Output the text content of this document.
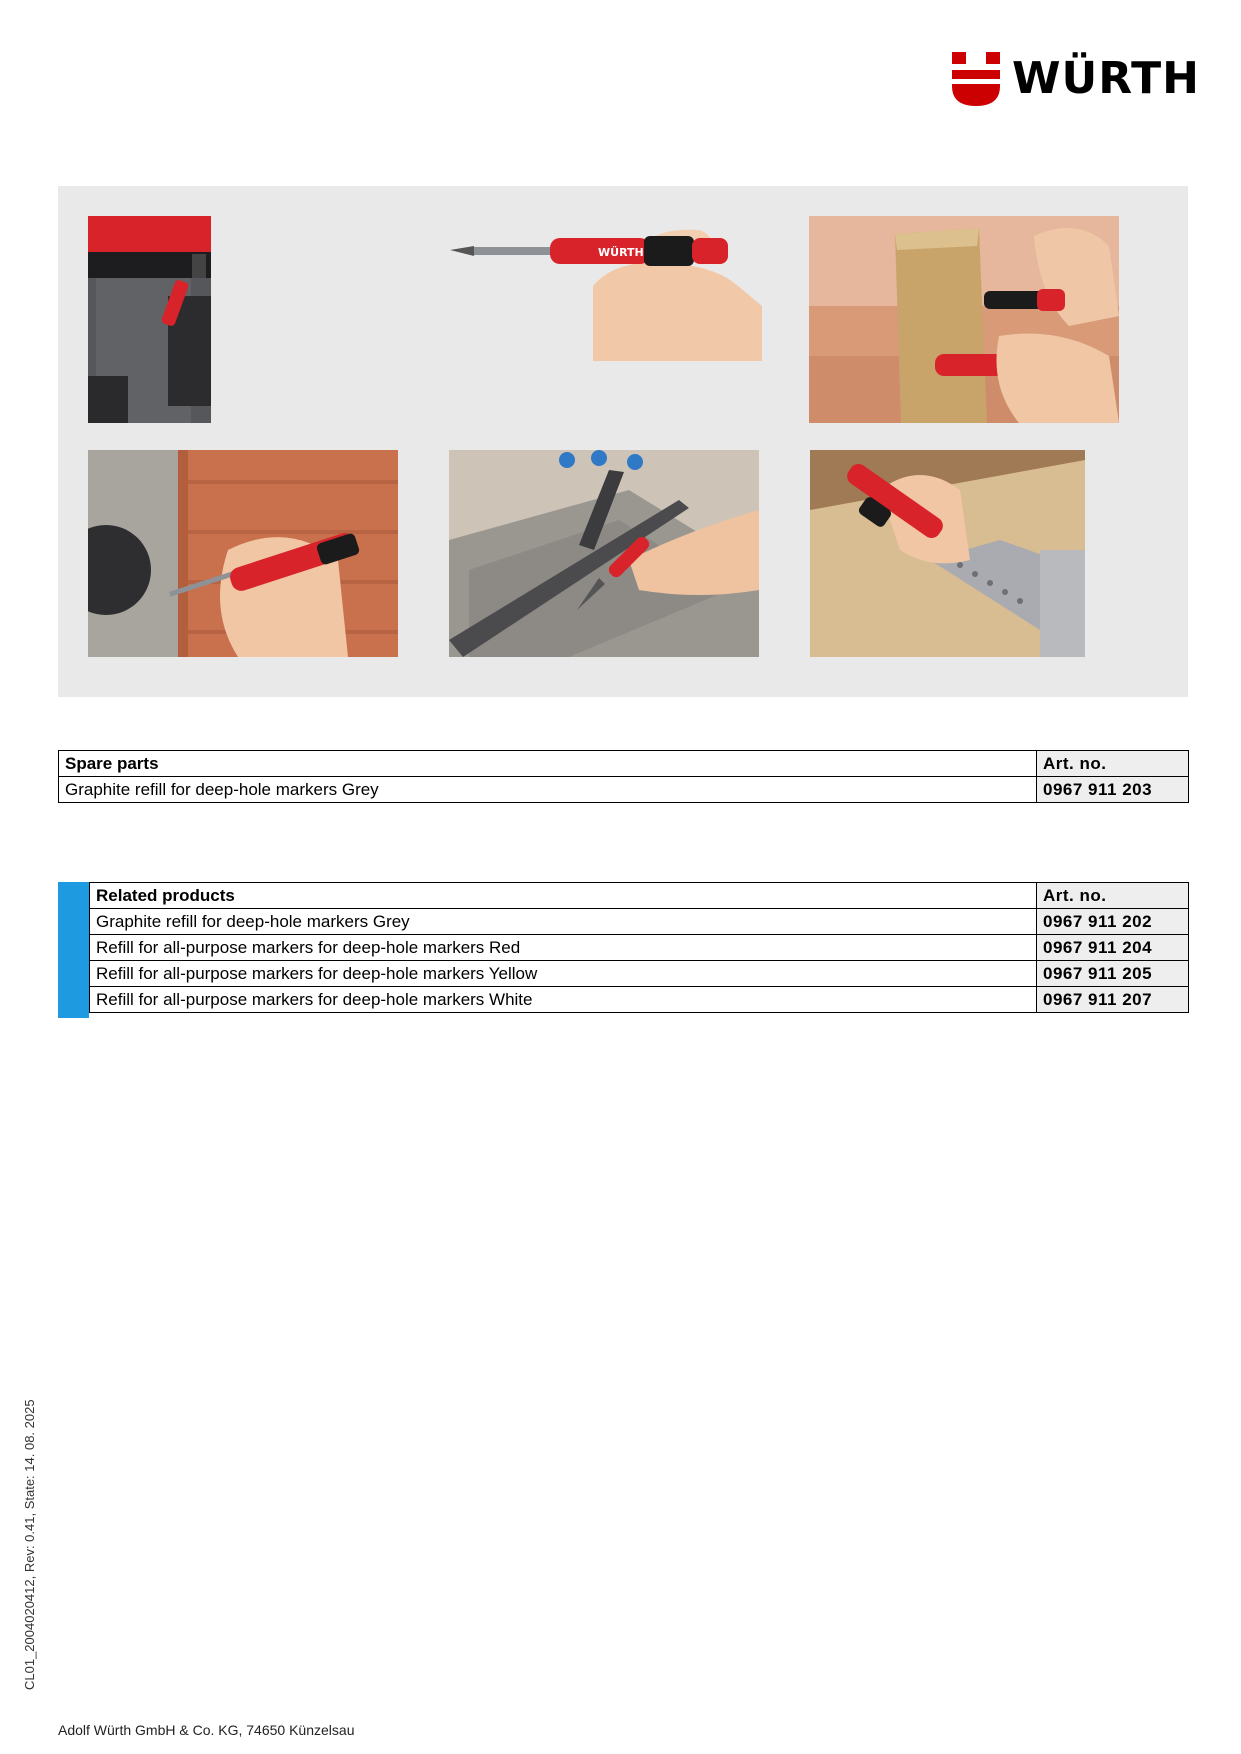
WÜRTH
WÜRTH
Spare parts	Art. no.
Graphite refill for deep-hole markers Grey	0967 911 203
Related products	Art. no.
Graphite refill for deep-hole markers Grey	0967 911 202
Refill for all-purpose markers for deep-hole markers Red	0967 911 204
Refill for all-purpose markers for deep-hole markers Yellow	0967 911 205
Refill for all-purpose markers for deep-hole markers White	0967 911 207
CL01_2004020412, Rev: 0.41, State: 14. 08. 2025
Adolf Würth GmbH & Co. KG, 74650 Künzelsau
